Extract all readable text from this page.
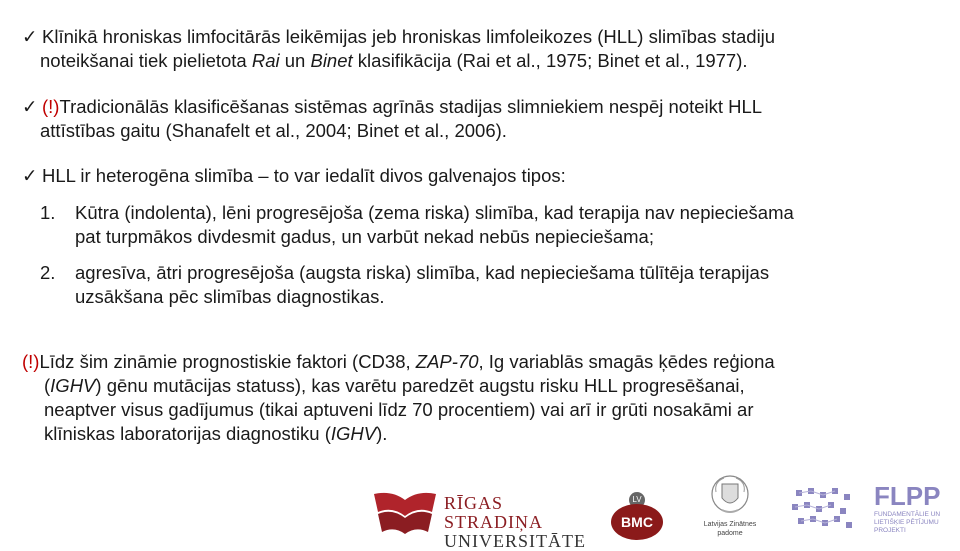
✓ Klīnikā hroniskas limfocitārās leikēmijas jeb hroniskas limfoleikozes (HLL) slimības stadiju
noteikšanai tiek pielietota Rai un Binet klasifikācija (Rai et al., 1975; Binet et al., 1977).
✓ (!)Tradicionālās klasificēšanas sistēmas agrīnās stadijas slimniekiem nespēj noteikt HLL
attīstības gaitu (Shanafelt et al., 2004; Binet et al., 2006).
✓ HLL ir heterogēna slimība – to var iedalīt divos galvenajos tipos:
1. Kūtra (indolenta), lēni progresējoša (zema riska) slimība, kad terapija nav nepieciešama
pat turpmākos divdesmit gadus, un varbūt nekad nebūs nepieciešama;
2. agresīva, ātri progresējoša (augsta riska) slimība, kad nepieciešama tūlītēja terapijas
uzsākšana pēc slimības diagnostikas.
(!)Līdz šim zināmie prognostiskie faktori (CD38, ZAP-70, Ig variablās smagās ķēdes reģiona
(IGHV) gēnu mutācijas statuss), kas varētu paredzēt augstu risku HLL progresēšanai,
neaptver visus gadījumus (tikai aptuveni līdz 70 procentiem) vai arī ir grūti nosakāmi ar
klīniskas laboratorijas diagnostiku (IGHV).
RĪGAS STRADIŅA
UNIVERSITĀTE
LV
BMC	Latvijas Zinātnes
padome
FLPP
FUNDAMENTĀLIE UN
LIETIŠĶIE PĒTĪJUMU
PROJEKTI
